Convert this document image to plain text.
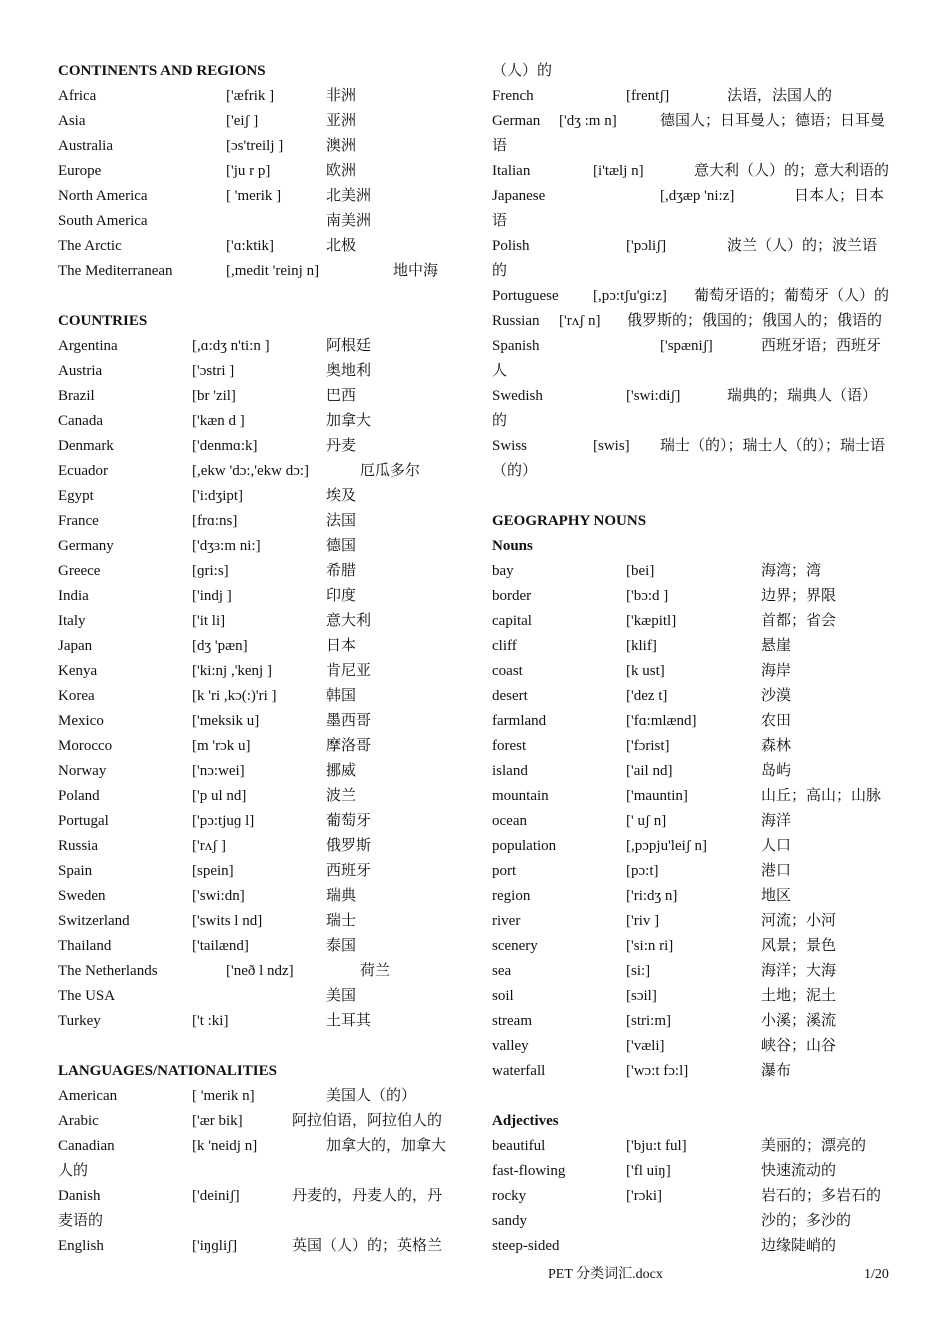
CONTINENTS AND REGIONS
Africa	['æfrik ]	非洲
Asia	['eiʃ ]	亚洲
Australia	[ɔs'treilj ]	澳洲
Europe	['ju r p]	欧洲
North America	[ 'merik ]	北美洲
South America	南美洲
The Arctic	['ɑ:ktik]	北极
The Mediterranean	[,medit 'reinj n]	地中海
COUNTRIES
Argentina	[,ɑ:dʒ n'ti:n ]	阿根廷
Austria	['ɔstri ]	奥地利
Brazil	[br 'zil]	巴西
Canada	['kæn d ]	加拿大
Denmark	['denmɑ:k]	丹麦
Ecuador	[,ekw 'dɔ:,'ekw dɔ:]	厄瓜多尔
Egypt	['i:dʒipt]	埃及
France	[frɑ:ns]	法国
Germany	['dʒɜ:m ni:]	德国
Greece	[ɡri:s]	希腊
India	['indj ]	印度
Italy	['it li]	意大利
Japan	[dʒ 'pæn]	日本
Kenya	['ki:nj ,'kenj ]	肯尼亚
Korea	[k 'ri ,kɔ(:)'ri ]	韩国
Mexico	['meksik u]	墨西哥
Morocco	[m 'rɔk u]	摩洛哥
Norway	['nɔ:wei]	挪威
Poland	['p ul nd]	波兰
Portugal	['pɔ:tjuɡ l]	葡萄牙
Russia	['rʌʃ ]	俄罗斯
Spain	[spein]	西班牙
Sweden	['swi:dn]	瑞典
Switzerland	['swits l nd]	瑞士
Thailand	['tailænd]	泰国
The Netherlands	['neð l ndz]	荷兰
The USA	美国
Turkey	['t :ki]	土耳其
LANGUAGES/NATIONALITIES
American	[ 'merik n]	美国人（的）
Arabic	['ær bik]	阿拉伯语，阿拉伯人的
Canadian	[k 'neidj n]	加拿大的，加拿大
人的
Danish	['deiniʃ]	丹麦的，丹麦人的，丹
麦语的
English	['iŋɡliʃ]	英国（人）的；英格兰
（人）的
French	[frentʃ]	法语，法国人的
German ['dʒ :m n]	德国人；日耳曼人；德语；日耳曼
语
Italian	[i'tælj n]	意大利（人）的；意大利语的
Japanese	[,dʒæp 'ni:z]	日本人；日本
语
Polish	['pɔliʃ]	波兰（人）的；波兰语
的
Portuguese [,pɔ:tʃu'ɡi:z] 葡萄牙语的；葡萄牙（人）的
Russian ['rʌʃ n] 俄罗斯的；俄国的；俄国人的；俄语的
Spanish	['spæniʃ]	西班牙语；西班牙
人
Swedish	['swi:diʃ]	瑞典的；瑞典人（语）
的
Swiss	[swis] 瑞士（的）；瑞士人（的）；瑞士语
（的）
GEOGRAPHY NOUNS
Nouns
bay	[bei]	海湾；湾
border	['bɔ:d ]	边界；界限
capital	['kæpitl]	首都；省会
cliff	[klif]	悬崖
coast	[k ust]	海岸
desert	['dez t]	沙漠
farmland	['fɑ:mlænd]	农田
forest	['fɔrist]	森林
island	['ail nd]	岛屿
mountain	['mauntin]	山丘；高山；山脉
ocean	[' uʃ n]	海洋
population	[,pɔpju'leiʃ n]	人口
port	[pɔ:t]	港口
region	['ri:dʒ n]	地区
river	['riv ]	河流；小河
scenery	['si:n ri]	风景；景色
sea	[si:]	海洋；大海
soil	[sɔil]	土地；泥土
stream	[stri:m]	小溪；溪流
valley	['væli]	峡谷；山谷
waterfall	['wɔ:t fɔ:l]	瀑布
Adjectives
beautiful	['bju:t ful]	美丽的；漂亮的
fast-flowing	['fl uiŋ]	快速流动的
rocky	['rɔki]	岩石的；多岩石的
sandy	沙的；多沙的
steep-sided	边缘陡峭的
PET 分类词汇.docx	1/20
